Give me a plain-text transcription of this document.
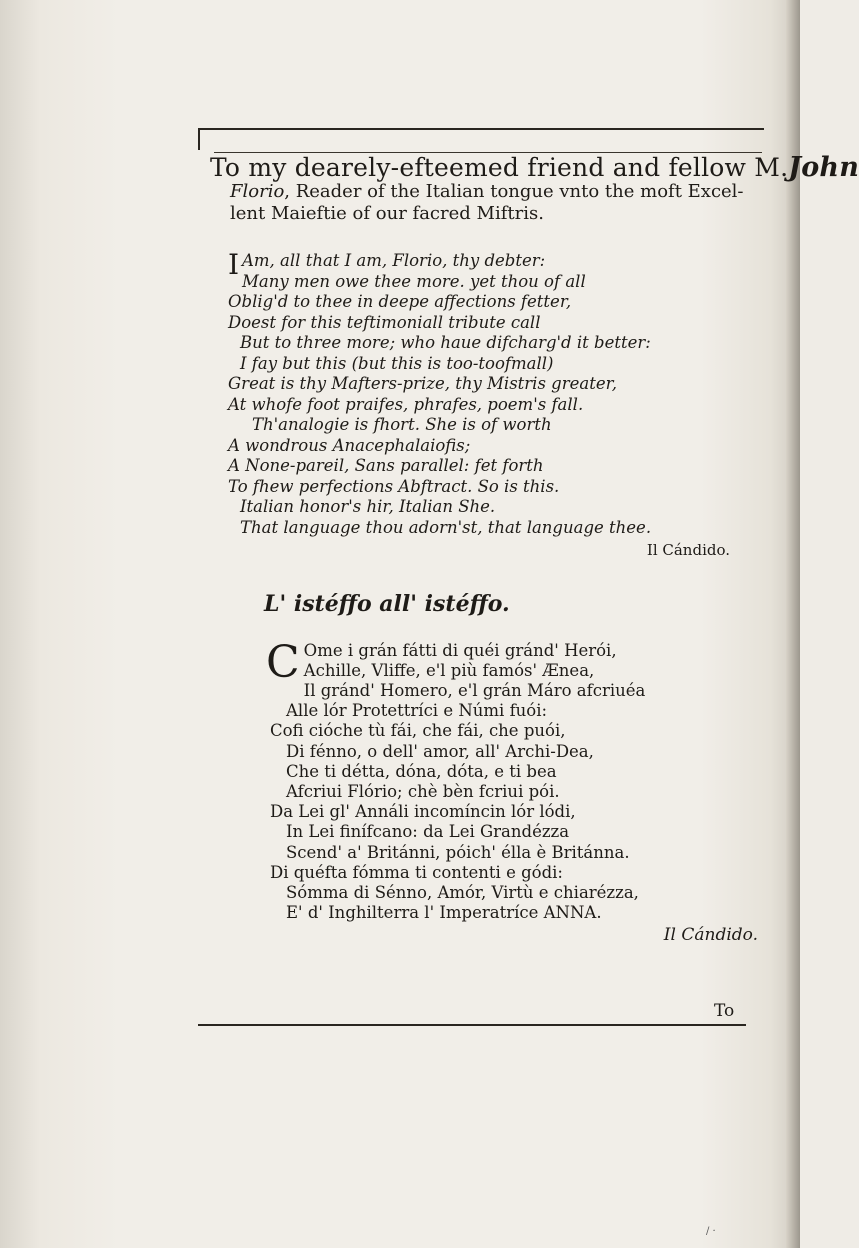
To my dearely-efteemed friend and fellow M.John
Florio, Reader of the Italian tongue vnto the moft Excel-
lent Maieftie of our facred Miftris.
I Am, all that I am, Florio, thy debter:
Many men owe thee more. yet thou of all
Oblig'd to thee in deepe affections fetter,
Doest for this teftimoniall tribute call
But to three more; who haue difcharg'd it better:
I fay but this (but this is too-toofmall)
Great is thy Mafters-prize, thy Mistris greater,
At whofe foot praifes, phrafes, poem's fall.
Th'analogie is fhort. She is of worth
A wondrous Anacephalaiofis;
A None-pareil, Sans parallel: fet forth
To fhew perfections Abftract. So is this.
Italian honor's hir, Italian She.
That language thou adorn'st, that language thee.
Il Cándido.
L' istéffo all' istéffo.
C Ome i grán fátti di quéi gránd' Herói,
Achille, Vliffe, e'l più famós' Ænea,
Il gránd' Homero, e'l grán Máro afcriuéa
Alle lór Protettríci e Númi fuói:
Cofi cióche tù fái, che fái, che puói,
Di fénno, o dell' amor, all' Archi-Dea,
Che ti détta, dóna, dóta, e ti bea
Afcriui Flório; chè bèn fcriui pói.
Da Lei gl' Annáli incomíncin lór lódi,
In Lei finífcano: da Lei Grandézza
Scend' a' Británni, póich' élla è Británna.
Di quéfta fómma ti contenti e gódi:
Sómma di Sénno, Amór, Virtù e chiarézza,
E' d' Inghilterra l' Imperatríce ANNA.
Il Cándido.
To
/ ·
